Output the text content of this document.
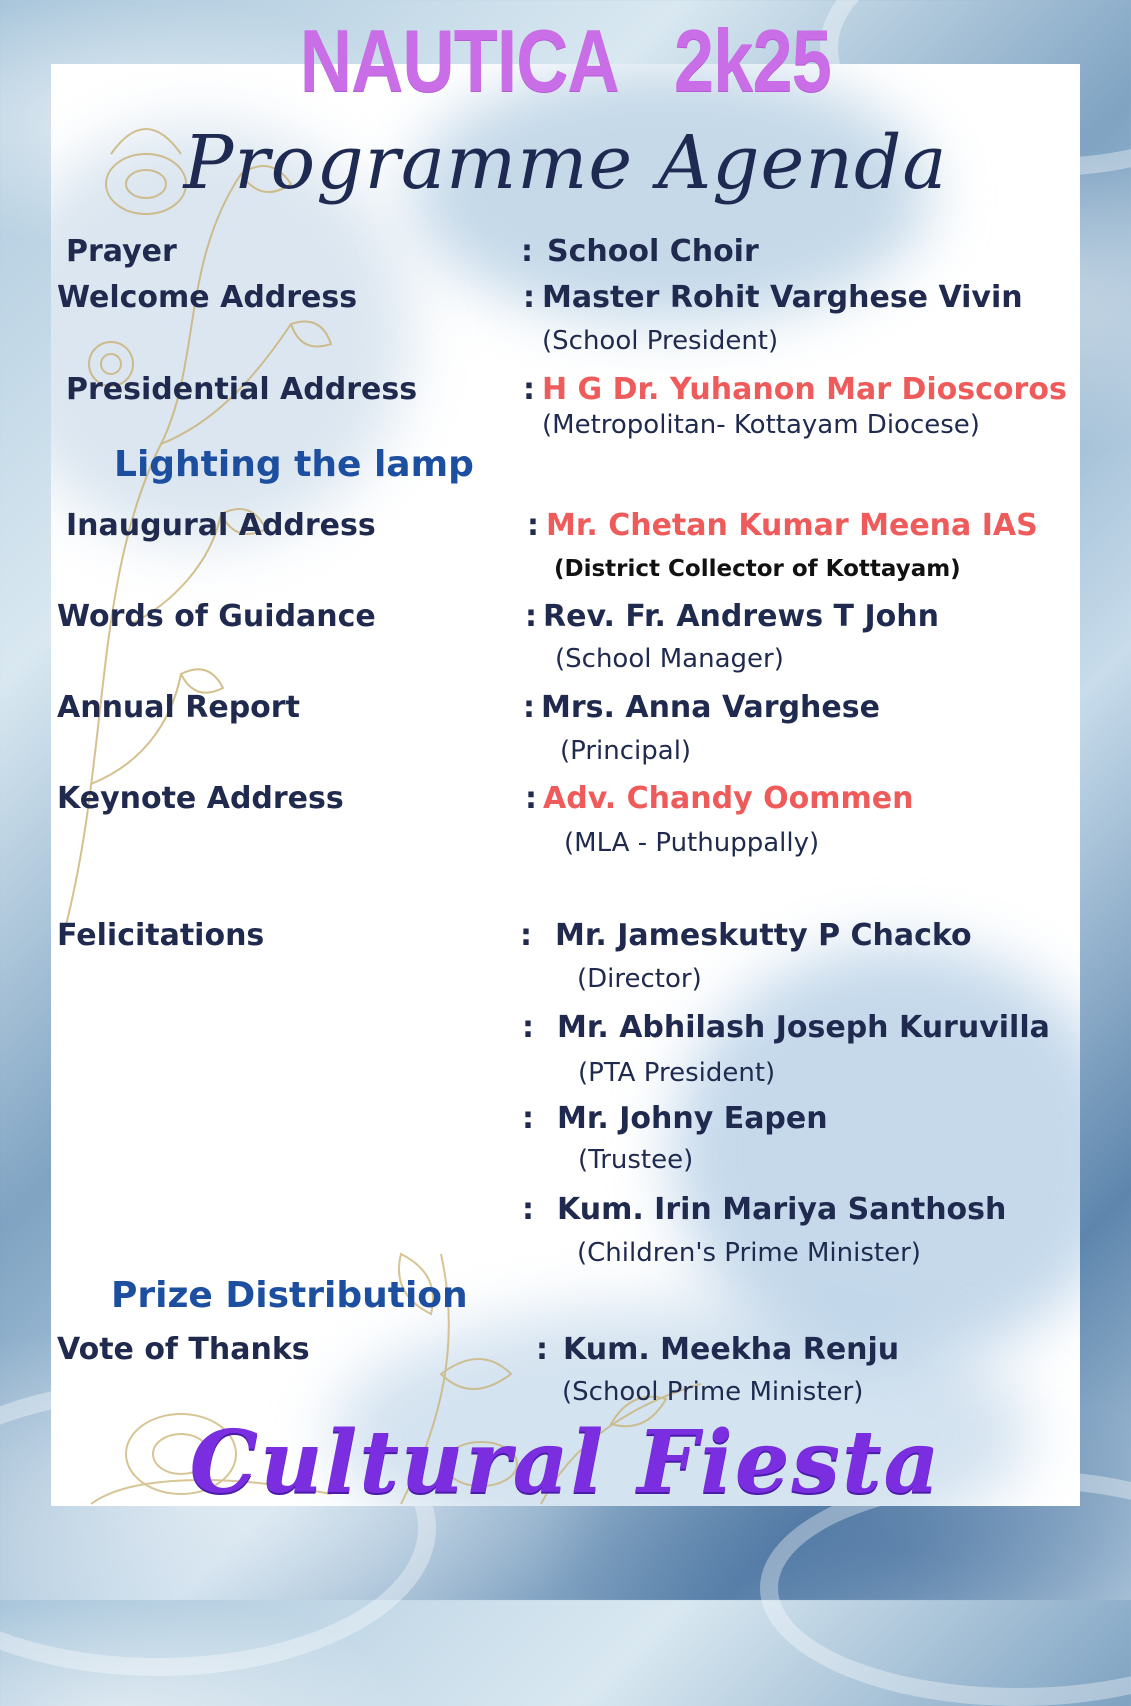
NAUTICA   2k25
Programme Agenda
Prayer	: School Choir
Welcome Address	: Master Rohit Varghese Vivin
(School President)
Presidential Address	: H G Dr. Yuhanon Mar Dioscoros
(Metropolitan- Kottayam Diocese)
Lighting the lamp
Inaugural Address	: Mr. Chetan Kumar Meena IAS
(District Collector of Kottayam)
Words of Guidance	: Rev. Fr. Andrews T John
(School Manager)
Annual Report	: Mrs. Anna Varghese
(Principal)
Keynote Address	: Adv. Chandy Oommen
(MLA - Puthuppally)
Felicitations	: Mr. Jameskutty P Chacko
(Director)
: Mr. Abhilash Joseph Kuruvilla
(PTA President)
: Mr. Johny Eapen
(Trustee)
: Kum. Irin Mariya Santhosh
(Children's Prime Minister)
Prize Distribution
Vote of Thanks	: Kum. Meekha Renju
(School Prime Minister)
Cultural Fiesta
